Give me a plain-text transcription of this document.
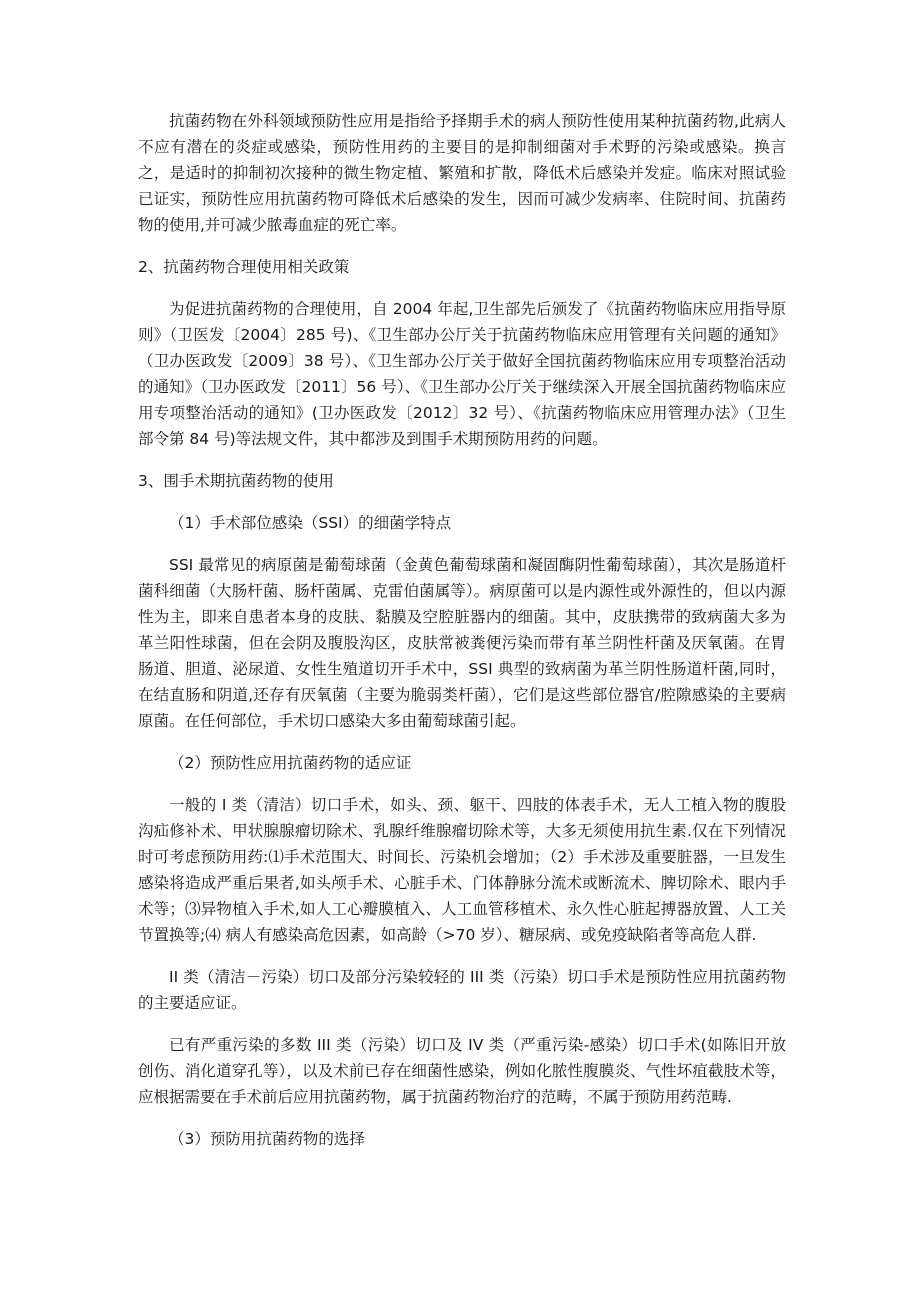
抗菌药物在外科领域预防性应用是指给予择期手术的病人预防性使用某种抗菌药物,此病人不应有潜在的炎症或感染，预防性用药的主要目的是抑制细菌对手术野的污染或感染。换言之，是适时的抑制初次接种的微生物定植、繁殖和扩散，降低术后感染并发症。临床对照试验已证实，预防性应用抗菌药物可降低术后感染的发生，因而可减少发病率、住院时间、抗菌药物的使用,并可减少脓毒血症的死亡率。

2、抗菌药物合理使用相关政策

为促进抗菌药物的合理使用，自 2004 年起,卫生部先后颁发了《抗菌药物临床应用指导原则》（卫医发〔2004〕285 号)、《卫生部办公厅关于抗菌药物临床应用管理有关问题的通知》（卫办医政发〔2009〕38 号）、《卫生部办公厅关于做好全国抗菌药物临床应用专项整治活动的通知》（卫办医政发〔2011〕56 号）、《卫生部办公厅关于继续深入开展全国抗菌药物临床应用专项整治活动的通知》(卫办医政发〔2012〕32 号）、《抗菌药物临床应用管理办法》（卫生部令第 84 号)等法规文件，其中都涉及到围手术期预防用药的问题。

3、围手术期抗菌药物的使用

（1）手术部位感染（SSI）的细菌学特点

SSI 最常见的病原菌是葡萄球菌（金黄色葡萄球菌和凝固酶阴性葡萄球菌），其次是肠道杆菌科细菌（大肠杆菌、肠杆菌属、克雷伯菌属等）。病原菌可以是内源性或外源性的，但以内源性为主，即来自患者本身的皮肤、黏膜及空腔脏器内的细菌。其中，皮肤携带的致病菌大多为革兰阳性球菌，但在会阴及腹股沟区，皮肤常被粪便污染而带有革兰阴性杆菌及厌氧菌。在胃肠道、胆道、泌尿道、女性生殖道切开手术中，SSI 典型的致病菌为革兰阴性肠道杆菌,同时，在结直肠和阴道,还存有厌氧菌（主要为脆弱类杆菌），它们是这些部位器官/腔隙感染的主要病原菌。在任何部位，手术切口感染大多由葡萄球菌引起。

（2）预防性应用抗菌药物的适应证

一般的 I 类（清洁）切口手术，如头、颈、躯干、四肢的体表手术，无人工植入物的腹股沟疝修补术、甲状腺腺瘤切除术、乳腺纤维腺瘤切除术等，大多无须使用抗生素.仅在下列情况时可考虑预防用药:⑴手术范围大、时间长、污染机会增加；（2）手术涉及重要脏器，一旦发生感染将造成严重后果者,如头颅手术、心脏手术、门体静脉分流术或断流术、脾切除术、眼内手术等；⑶异物植入手术,如人工心瓣膜植入、人工血管移植术、永久性心脏起搏器放置、人工关节置换等;⑷ 病人有感染高危因素，如高龄（>70 岁）、糖尿病、或免疫缺陷者等高危人群.

II 类（清洁－污染）切口及部分污染较轻的 III 类（污染）切口手术是预防性应用抗菌药物的主要适应证。

已有严重污染的多数 III 类（污染）切口及 IV 类（严重污染-感染）切口手术(如陈旧开放创伤、消化道穿孔等），以及术前已存在细菌性感染，例如化脓性腹膜炎、气性坏疽截肢术等，应根据需要在手术前后应用抗菌药物，属于抗菌药物治疗的范畴，不属于预防用药范畴.

（3）预防用抗菌药物的选择
